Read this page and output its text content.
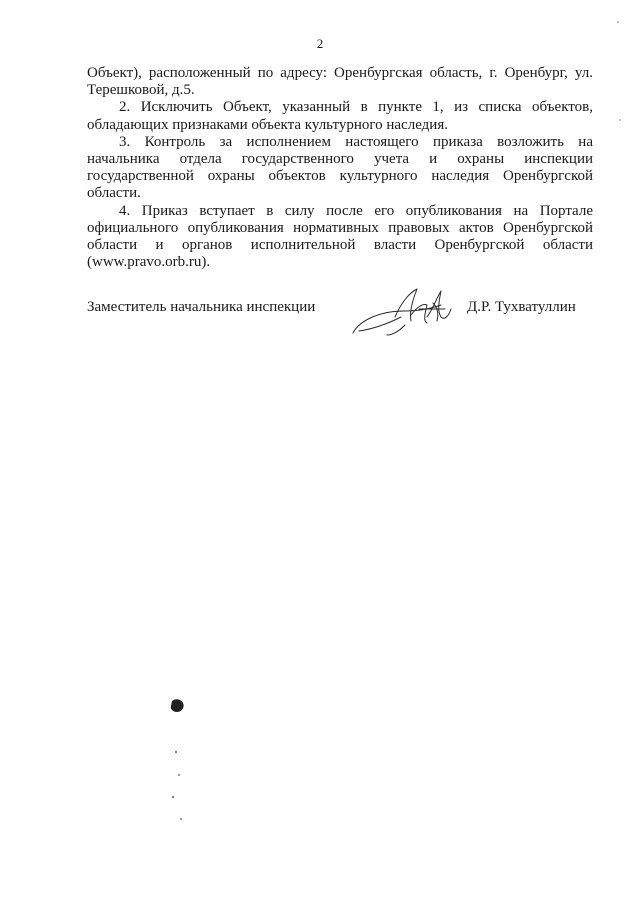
2

Объект), расположенный по адресу: Оренбургская область, г. Оренбург, ул. Терешковой, д.5.

2. Исключить Объект, указанный в пункте 1, из списка объектов, обладающих признаками объекта культурного наследия.

3. Контроль за исполнением настоящего приказа возложить на начальника отдела государственного учета и охраны инспекции государственной охраны объектов культурного наследия Оренбургской области.

4. Приказ вступает в силу после его опубликования на Портале официального опубликования нормативных правовых актов Оренбургской области и органов исполнительной власти Оренбургской области (www.pravo.orb.ru).

Заместитель начальника инспекции	Д.Р. Тухватуллин
